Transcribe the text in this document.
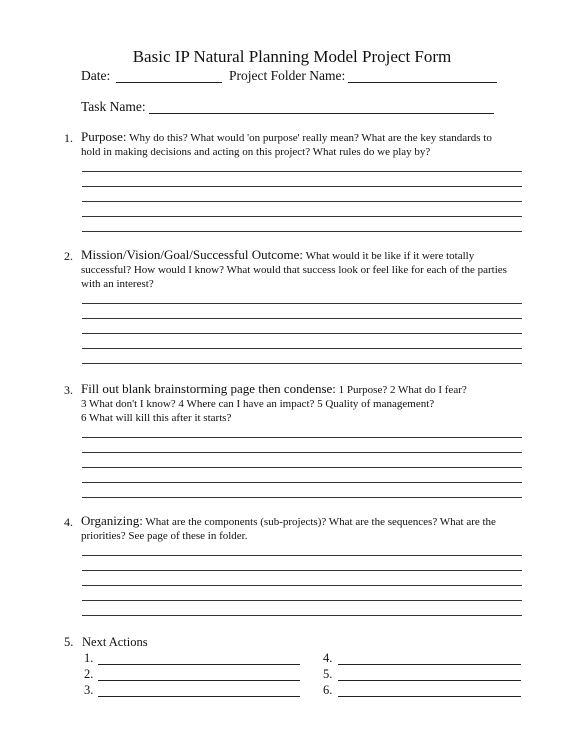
Basic IP Natural Planning Model Project Form
Date:	Project Folder Name:
Task Name:
1. Purpose: Why do this? What would 'on purpose' really mean? What are the key standards to
hold in making decisions and acting on this project? What rules do we play by?
2. Mission/Vision/Goal/Successful Outcome: What would it be like if it were totally
successful? How would I know? What would that success look or feel like for each of the parties
with an interest?
3. Fill out blank brainstorming page then condense: 1 Purpose? 2 What do I fear?
3 What don't I know? 4 Where can I have an impact? 5 Quality of management?
6 What will kill this after it starts?
4. Organizing: What are the components (sub-projects)? What are the sequences? What are the
priorities? See page of these in folder.
5. Next Actions
1.
2.
3.
4.
5.
6.
